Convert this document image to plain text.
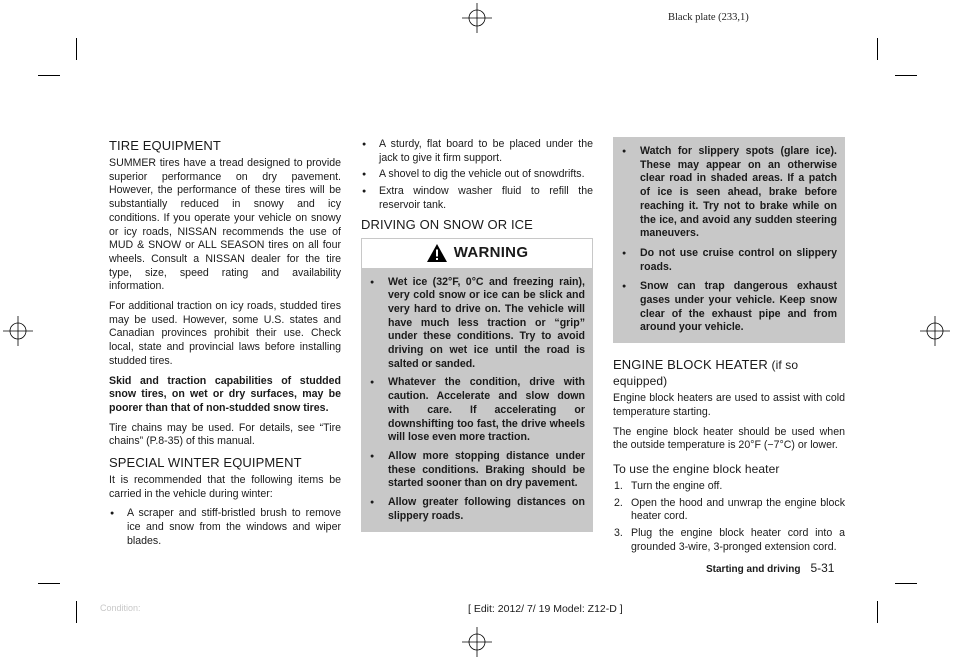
Black plate (233,1)
TIRE EQUIPMENT

SUMMER tires have a tread designed to provide superior performance on dry pavement. However, the performance of these tires will be substantially reduced in snowy and icy conditions. If you operate your vehicle on snowy or icy roads, NISSAN recommends the use of MUD & SNOW or ALL SEASON tires on all four wheels. Consult a NISSAN dealer for the tire type, size, speed rating and availability information.

For additional traction on icy roads, studded tires may be used. However, some U.S. states and Canadian provinces prohibit their use. Check local, state and provincial laws before installing studded tires.

Skid and traction capabilities of studded snow tires, on wet or dry surfaces, may be poorer than that of non-studded snow tires.

Tire chains may be used. For details, see “Tire chains” (P.8-35) of this manual.

SPECIAL WINTER EQUIPMENT

It is recommended that the following items be carried in the vehicle during winter:

● A scraper and stiff-bristled brush to remove ice and snow from the windows and wiper blades.
● A sturdy, flat board to be placed under the jack to give it firm support.
● A shovel to dig the vehicle out of snowdrifts.
● Extra window washer fluid to refill the reservoir tank.
DRIVING ON SNOW OR ICE
WARNING
● Wet ice (32°F, 0°C and freezing rain), very cold snow or ice can be slick and very hard to drive on. The vehicle will have much less traction or “grip” under these conditions. Try to avoid driving on wet ice until the road is salted or sanded.
● Whatever the condition, drive with caution. Accelerate and slow down with care. If accelerating or downshifting too fast, the drive wheels will lose even more traction.
● Allow more stopping distance under these conditions. Braking should be started sooner than on dry pavement.
● Allow greater following distances on slippery roads.
● Watch for slippery spots (glare ice). These may appear on an otherwise clear road in shaded areas. If a patch of ice is seen ahead, brake before reaching it. Try not to brake while on the ice, and avoid any sudden steering maneuvers.
● Do not use cruise control on slippery roads.
● Snow can trap dangerous exhaust gases under your vehicle. Keep snow clear of the exhaust pipe and from around your vehicle.
ENGINE BLOCK HEATER (if so equipped)

Engine block heaters are used to assist with cold temperature starting.

The engine block heater should be used when the outside temperature is 20°F (−7°C) or lower.

To use the engine block heater
1. Turn the engine off.
2. Open the hood and unwrap the engine block heater cord.
3. Plug the engine block heater cord into a grounded 3-wire, 3-pronged extension cord.
Starting and driving 5-31
Condition:	[ Edit: 2012/ 7/ 19 Model: Z12-D ]
